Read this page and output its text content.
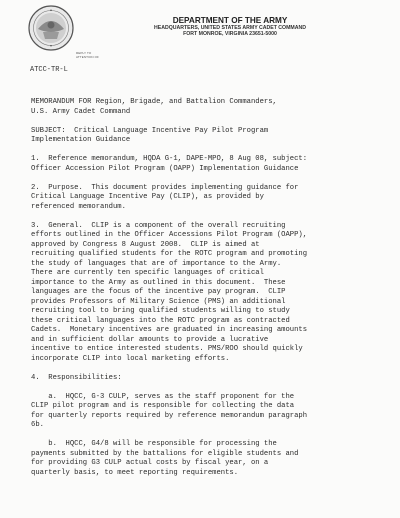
DEPARTMENT OF THE ARMY
HEADQUARTERS, UNITED STATES ARMY CADET COMMAND
FORT MONROE, VIRGINIA 23651-5000
REPLY TO
ATTENTION OF
ATCC-TR-L

MEMORANDUM FOR Region, Brigade, and Battalion Commanders,
U.S. Army Cadet Command

SUBJECT:  Critical Language Incentive Pay Pilot Program
Implementation Guidance

1.  Reference memorandum, HQDA G-1, DAPE-MPO, 8 Aug 08, subject:
Officer Accession Pilot Program (OAPP) Implementation Guidance

2.  Purpose.  This document provides implementing guidance for
Critical Language Incentive Pay (CLIP), as provided by
referenced memorandum.

3.  General.  CLIP is a component of the overall recruiting
efforts outlined in the Officer Accessions Pilot Program (OAPP),
approved by Congress 8 August 2008.  CLIP is aimed at
recruiting qualified students for the ROTC program and promoting
the study of languages that are of importance to the Army.
There are currently ten specific languages of critical
importance to the Army as outlined in this document.  These
languages are the focus of the incentive pay program.  CLIP
provides Professors of Military Science (PMS) an additional
recruiting tool to bring qualified students willing to study
these critical languages into the ROTC program as contracted
Cadets.  Monetary incentives are graduated in increasing amounts
and in sufficient dollar amounts to provide a lucrative
incentive to entice interested students. PMS/ROO should quickly
incorporate CLIP into local marketing efforts.

4.  Responsibilities:

a.  HQCC, G-3 CULP, serves as the staff proponent for the
CLIP pilot program and is responsible for collecting the data
for quarterly reports required by reference memorandum paragraph
6b.

b.  HQCC, G4/8 will be responsible for processing the
payments submitted by the battalions for eligible students and
for providing G3 CULP actual costs by fiscal year, on a
quarterly basis, to meet reporting requirements.
